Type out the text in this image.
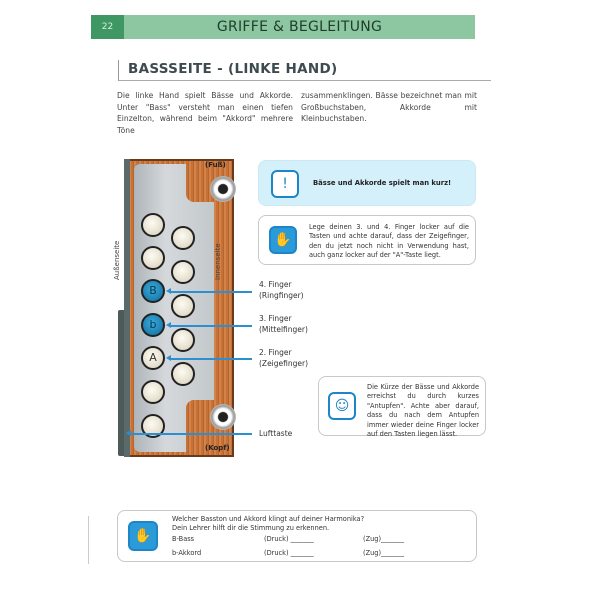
22	GRIFFE & BEGLEITUNG
BASSSEITE - (LINKE HAND)
Die linke Hand spielt Bässe und Akkorde. Unter "Bass" versteht man einen tiefen Einzelton, während beim "Akkord" mehrere Töne
zusammenklingen. Bässe bezeichnet man mit Großbuchstaben, Akkorde mit Kleinbuchstaben.
(Fuß)
(Kopf)
Außenseite	Innenseite
B
b
A
4. Finger
(Ringfinger)
3. Finger
(Mittelfinger)
2. Finger
(Zeigefinger)
Lufttaste
!	Bässe und Akkorde spielt man kurz!
✋
Lege deinen 3. und 4. Finger locker auf die Tasten und achte darauf, dass der Zeigefinger, den du jetzt noch nicht in Verwendung hast, auch ganz locker auf der "A"-Taste liegt.
☺
Die Kürze der Bässe und Akkorde erreichst du durch kurzes "Antupfen". Achte aber darauf, dass du nach dem Antupfen immer wieder deine Finger locker auf den Tasten liegen lässt.
✋
Welcher Basston und Akkord klingt auf deiner Harmonika?
Dein Lehrer hilft dir die Stimmung zu erkennen.
B-Bass	(Druck) _______	(Zug)_______
b-Akkord	(Druck) _______	(Zug)_______
